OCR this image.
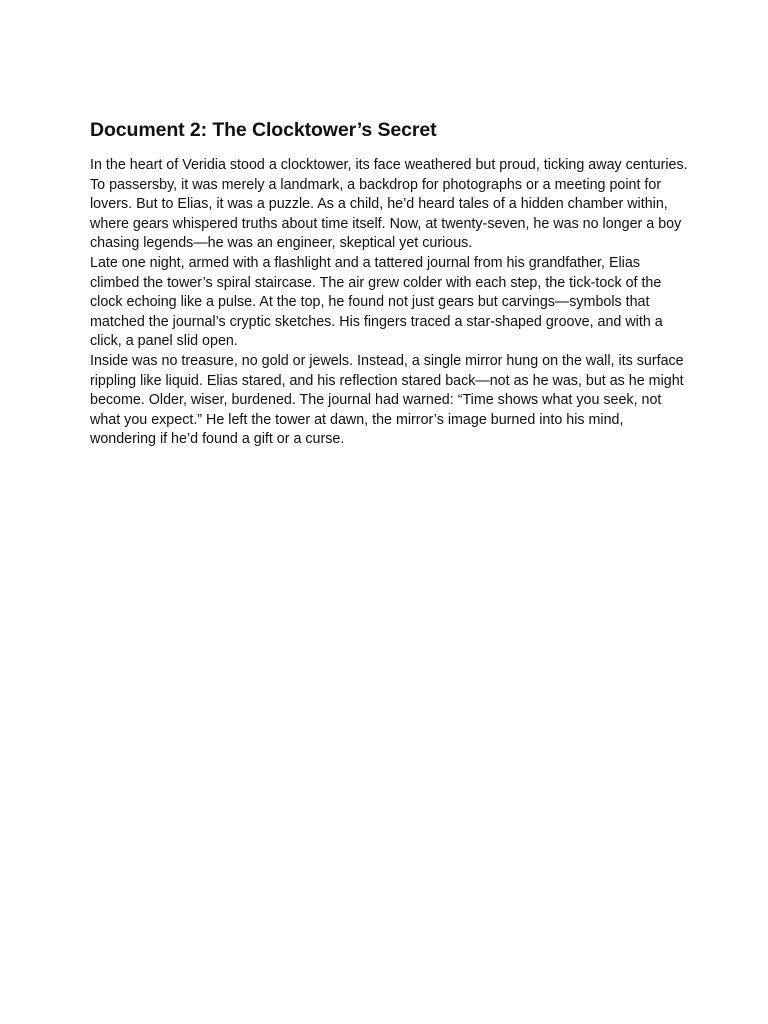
Document 2: The Clocktower’s Secret

In the heart of Veridia stood a clocktower, its face weathered but proud, ticking away centuries. To passersby, it was merely a landmark, a backdrop for photographs or a meeting point for lovers. But to Elias, it was a puzzle. As a child, he’d heard tales of a hidden chamber within, where gears whispered truths about time itself. Now, at twenty-seven, he was no longer a boy chasing legends—he was an engineer, skeptical yet curious.

Late one night, armed with a flashlight and a tattered journal from his grandfather, Elias climbed the tower’s spiral staircase. The air grew colder with each step, the tick-tock of the clock echoing like a pulse. At the top, he found not just gears but carvings—symbols that matched the journal’s cryptic sketches. His fingers traced a star-shaped groove, and with a click, a panel slid open.

Inside was no treasure, no gold or jewels. Instead, a single mirror hung on the wall, its surface rippling like liquid. Elias stared, and his reflection stared back—not as he was, but as he might become. Older, wiser, burdened. The journal had warned: “Time shows what you seek, not what you expect.” He left the tower at dawn, the mirror’s image burned into his mind, wondering if he’d found a gift or a curse.
